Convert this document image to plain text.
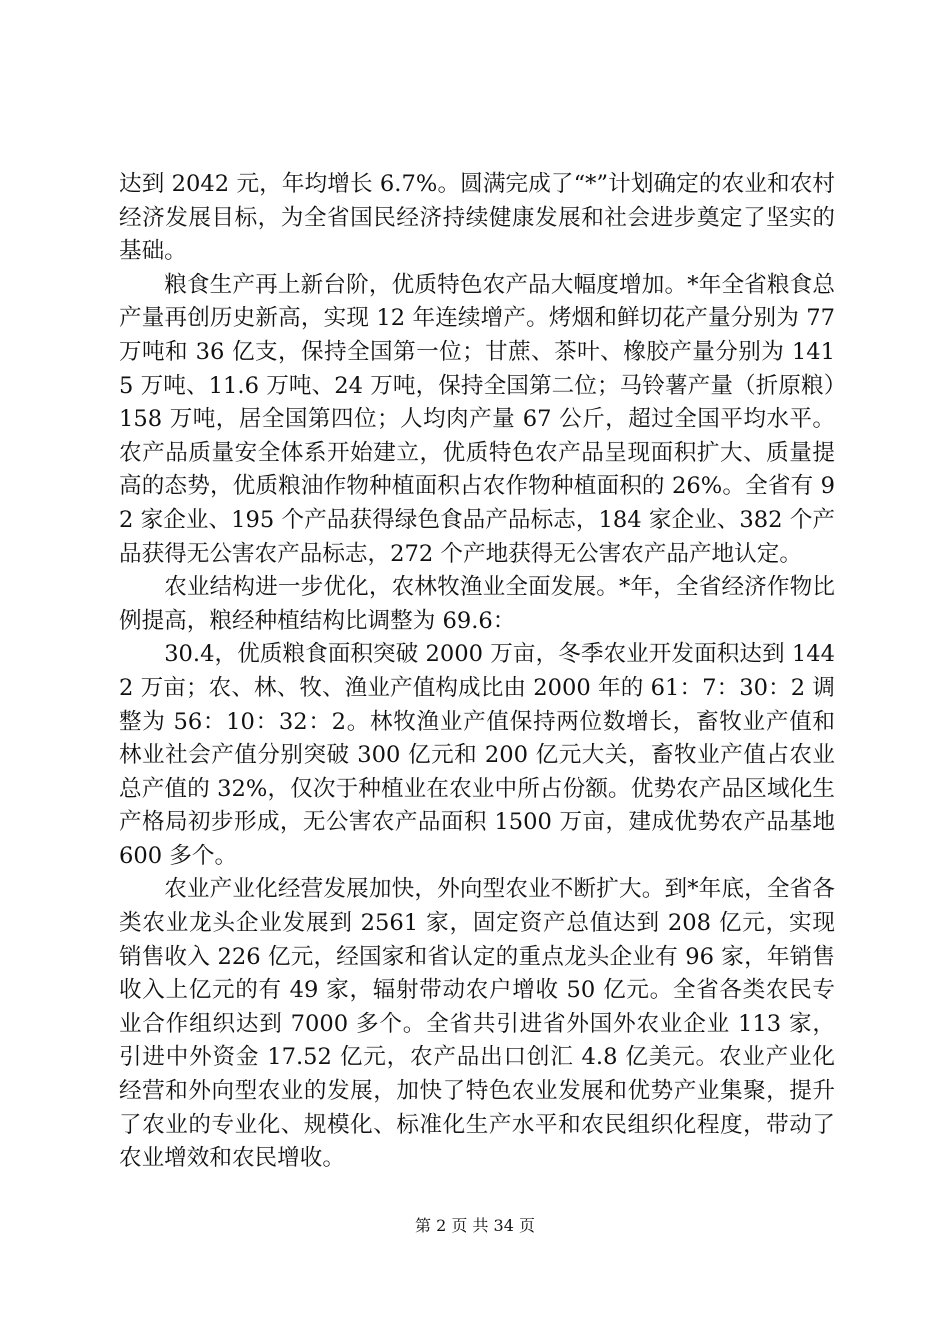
达到 2042 元，年均增长 6.7%。圆满完成了“*”计划确定的农业和农村经济发展目标，为全省国民经济持续健康发展和社会进步奠定了坚实的基础。

粮食生产再上新台阶，优质特色农产品大幅度增加。*年全省粮食总产量再创历史新高，实现 12 年连续增产。烤烟和鲜切花产量分别为 77 万吨和 36 亿支，保持全国第一位；甘蔗、茶叶、橡胶产量分别为 1415 万吨、11.6 万吨、24 万吨，保持全国第二位；马铃薯产量（折原粮）158 万吨，居全国第四位；人均肉产量 67 公斤，超过全国平均水平。农产品质量安全体系开始建立，优质特色农产品呈现面积扩大、质量提高的态势，优质粮油作物种植面积占农作物种植面积的 26%。全省有 92 家企业、195 个产品获得绿色食品产品标志，184 家企业、382 个产品获得无公害农产品标志，272 个产地获得无公害农产品产地认定。

农业结构进一步优化，农林牧渔业全面发展。*年，全省经济作物比例提高，粮经种植结构比调整为 69.6：

30.4，优质粮食面积突破 2000 万亩，冬季农业开发面积达到 1442 万亩；农、林、牧、渔业产值构成比由 2000 年的 61：7：30：2 调整为 56：10：32：2。林牧渔业产值保持两位数增长，畜牧业产值和林业社会产值分别突破 300 亿元和 200 亿元大关，畜牧业产值占农业总产值的 32%，仅次于种植业在农业中所占份额。优势农产品区域化生产格局初步形成，无公害农产品面积 1500 万亩，建成优势农产品基地 600 多个。

农业产业化经营发展加快，外向型农业不断扩大。到*年底，全省各类农业龙头企业发展到 2561 家，固定资产总值达到 208 亿元，实现销售收入 226 亿元，经国家和省认定的重点龙头企业有 96 家，年销售收入上亿元的有 49 家，辐射带动农户增收 50 亿元。全省各类农民专业合作组织达到 7000 多个。全省共引进省外国外农业企业 113 家，引进中外资金 17.52 亿元，农产品出口创汇 4.8 亿美元。农业产业化经营和外向型农业的发展，加快了特色农业发展和优势产业集聚，提升了农业的专业化、规模化、标准化生产水平和农民组织化程度，带动了农业增效和农民增收。

第 2 页 共 34 页
